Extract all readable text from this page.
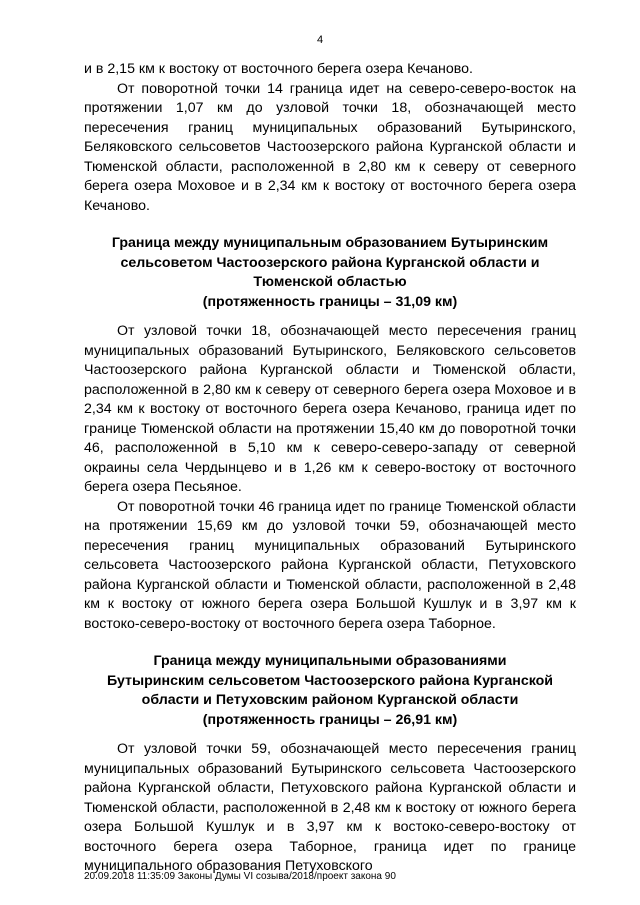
4

и в 2,15 км к востоку от восточного берега озера Кечаново.

От поворотной точки 14 граница идет на северо-северо-восток на протяжении 1,07 км до узловой точки 18, обозначающей место пересечения границ муниципальных образований Бутыринского, Беляковского сельсоветов Частоозерского района Курганской области и Тюменской области, расположенной в 2,80 км к северу от северного берега озера Моховое и в 2,34 км к востоку от восточного берега озера Кечаново.

Граница между муниципальным образованием Бутыринским
сельсоветом Частоозерского района Курганской области и
Тюменской областью
(протяженность границы – 31,09 км)

От узловой точки 18, обозначающей место пересечения границ муниципальных образований Бутыринского, Беляковского сельсоветов Частоозерского района Курганской области и Тюменской области, расположенной в 2,80 км к северу от северного берега озера Моховое и в 2,34 км к востоку от восточного берега озера Кечаново, граница идет по границе Тюменской области на протяжении 15,40 км до поворотной точки 46, расположенной в 5,10 км к северо-северо-западу от северной окраины села Чердынцево и в 1,26 км к северо-востоку от восточного берега озера Песьяное.

От поворотной точки 46 граница идет по границе Тюменской области на протяжении 15,69 км до узловой точки 59, обозначающей место пересечения границ муниципальных образований Бутыринского сельсовета Частоозерского района Курганской области, Петуховского района Курганской области и Тюменской области, расположенной в 2,48 км к востоку от южного берега озера Большой Кушлук и в 3,97 км к востоко-северо-востоку от восточного берега озера Таборное.

Граница между муниципальными образованиями
Бутыринским сельсоветом Частоозерского района Курганской
области и Петуховским районом Курганской области
(протяженность границы – 26,91 км)

От узловой точки 59, обозначающей место пересечения границ муниципальных образований Бутыринского сельсовета Частоозерского района Курганской области, Петуховского района Курганской области и Тюменской области, расположенной в 2,48 км к востоку от южного берега озера Большой Кушлук и в 3,97 км к востоко-северо-востоку от восточного берега озера Таборное, граница идет по границе муниципального образования Петуховского

20.09.2018 11:35:09 Законы Думы VI созыва/2018/проект закона 90
